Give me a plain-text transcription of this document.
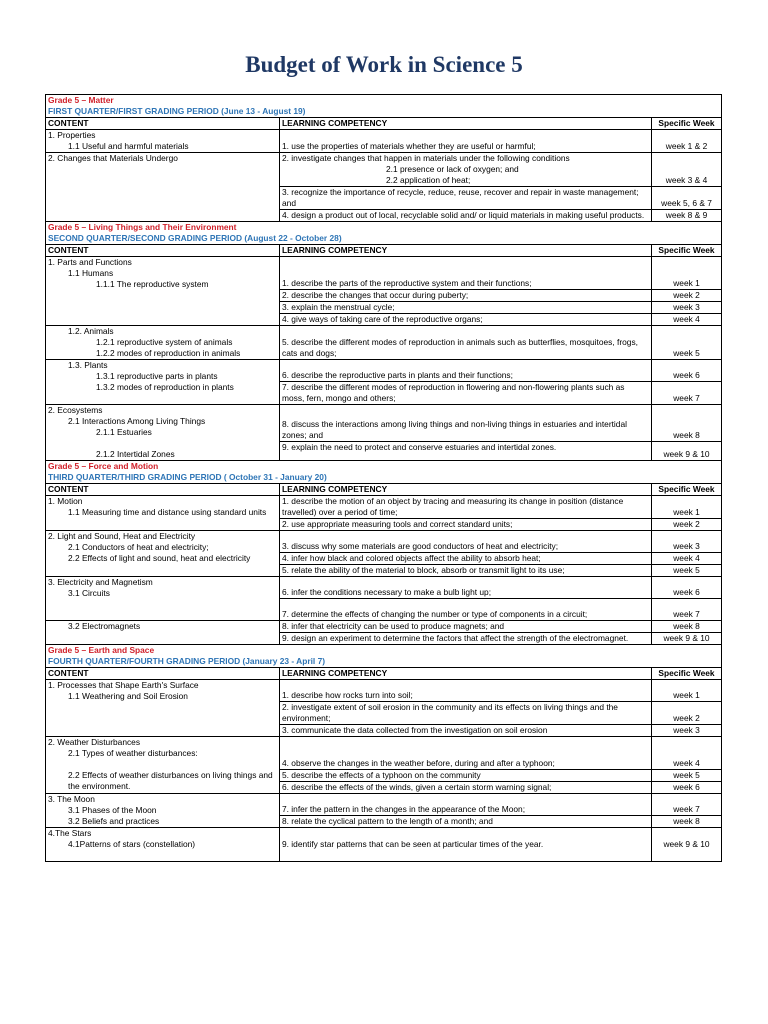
Budget of Work in Science 5
Grade 5 – Matter
FIRST QUARTER/FIRST GRADING PERIOD (June 13 - August 19)		

CONTENT	LEARNING COMPETENCY	Specific Week

1. Properties
1.1 Useful and harmful materials	1. use the properties of materials whether they are useful or harmful;	week 1 & 2

2. Changes that Materials Undergo	2. investigate changes that happen in materials under the following conditions
2.1 presence or lack of oxygen; and
2.2 application of heat;	week 3 & 4
	3. recognize the importance of recycle, reduce, reuse, recover and repair in waste management; and	week 5, 6 & 7
	4. design a product out of local, recyclable solid and/ or liquid materials in making useful products.	week 8 & 9

Grade 5 – Living Things and Their Environment
SECOND QUARTER/SECOND GRADING PERIOD (August 22 - October 28)		

CONTENT	LEARNING COMPETENCY	Specific Week

1. Parts and Functions
1.1 Humans
1.1.1 The reproductive system	1. describe the parts of the reproductive system and their functions;	week 1
	2. describe the changes that occur during puberty;	week 2
	3. explain the menstrual cycle;	week 3
	4. give ways of taking care of the reproductive organs;	week 4

1.2. Animals
1.2.1 reproductive system of animals
1.2.2 modes of reproduction in animals	5. describe the different modes of reproduction in animals such as butterflies, mosquitoes, frogs, cats and dogs;	week 5

1.3. Plants
1.3.1 reproductive parts in plants
1.3.2 modes of reproduction in plants	6. describe the reproductive parts in plants and their functions;	week 6
	7. describe the different modes of reproduction in flowering and non-flowering plants such as moss, fern, mongo and others;	week 7

2. Ecosystems
2.1 Interactions Among Living Things
2.1.1 Estuaries
2.1.2 Intertidal Zones	8. discuss the interactions among living things and non-living things in estuaries and intertidal zones; and	week 8
	9. explain the need to protect and conserve estuaries and intertidal zones.	week 9 & 10

Grade 5 – Force and Motion
THIRD QUARTER/THIRD GRADING PERIOD ( October 31 - January 20)		

CONTENT	LEARNING COMPETENCY	Specific Week

1. Motion
1.1 Measuring time and distance using standard units	1. describe the motion of an object by tracing and measuring its change in position (distance travelled) over a period of time;	week 1
	2. use appropriate measuring tools and correct standard units;	week 2

2. Light and Sound, Heat and Electricity
2.1 Conductors of heat and electricity;
2.2 Effects of light and sound, heat and electricity	3. discuss why some materials are good conductors of heat and electricity;	week 3
	4. infer how black and colored objects affect the ability to absorb heat;	week 4
	5. relate the ability of the material to block, absorb or transmit light to its use;	week 5

3. Electricity and Magnetism
3.1 Circuits	6. infer the conditions necessary to make a bulb light up;	week 6
	7. determine the effects of changing the number or type of components in a circuit;	week 7

3.2 Electromagnets	8. infer that electricity can be used to produce magnets; and	week 8
	9. design an experiment to determine the factors that affect the strength of the electromagnet.	week 9 & 10

Grade 5 – Earth and Space
FOURTH QUARTER/FOURTH GRADING PERIOD (January 23 - April 7)		

CONTENT	LEARNING COMPETENCY	Specific Week

1. Processes that Shape Earth's Surface
1.1 Weathering and Soil Erosion	1. describe how rocks turn into soil;	week 1
	2. investigate extent of soil erosion in the community and its effects on living things and the environment;	week 2
	3. communicate the data collected from the investigation on soil erosion	week 3

2. Weather Disturbances
2.1 Types of weather disturbances:
2.2 Effects of weather disturbances on living things and the environment.	4. observe the changes in the weather before, during and after a typhoon;	week 4
	5. describe the effects of a typhoon on the community	week 5
	6. describe the effects of the winds, given a certain storm warning signal;	week 6

3. The Moon
3.1 Phases of the Moon
3.2 Beliefs and practices	7. infer the pattern in the changes in the appearance of the Moon;	week 7
	8. relate the cyclical pattern to the length of a month; and	week 8

4.The Stars
4.1Patterns of stars (constellation)	9. identify star patterns that can be seen at particular times of the year.	week 9 & 10
